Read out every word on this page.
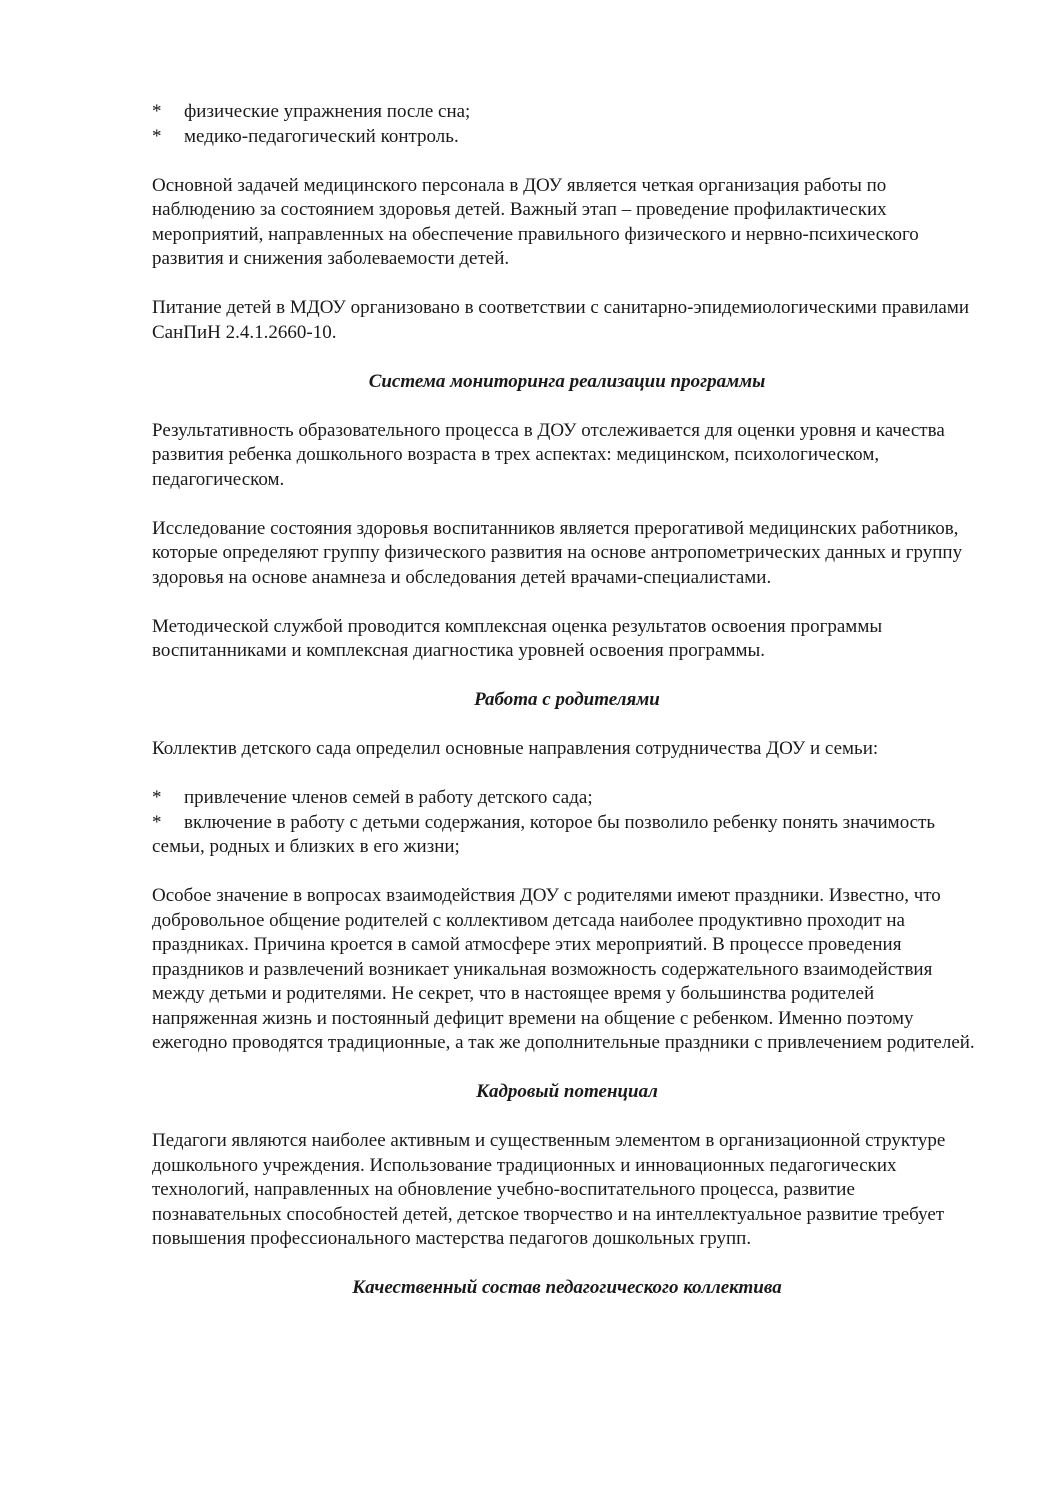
* физические упражнения после сна;
* медико-педагогический контроль.

Основной задачей медицинского персонала в ДОУ является четкая организация работы по наблюдению за состоянием здоровья детей. Важный этап – проведение профилактических мероприятий, направленных на обеспечение правильного физического и нервно-психического развития и снижения заболеваемости детей.

Питание детей в МДОУ организовано в соответствии с санитарно-эпидемиологическими правилами СанПиН 2.4.1.2660-10.

Система мониторинга реализации программы

Результативность образовательного процесса в ДОУ отслеживается для оценки уровня и качества развития ребенка дошкольного возраста в трех аспектах: медицинском, психологическом, педагогическом.

Исследование состояния здоровья воспитанников является прерогативой медицинских работников, которые определяют группу физического развития на основе антропометрических данных и группу здоровья на основе анамнеза и обследования детей врачами-специалистами.

Методической службой проводится комплексная оценка результатов освоения программы воспитанниками и комплексная диагностика уровней освоения программы.

Работа с родителями

Коллектив детского сада определил основные направления сотрудничества ДОУ и семьи:

* привлечение членов семей в работу детского сада;
* включение в работу с детьми содержания, которое бы позволило ребенку понять значимость семьи, родных и близких в его жизни;

Особое значение в вопросах взаимодействия ДОУ с родителями имеют праздники. Известно, что добровольное общение родителей с коллективом детсада наиболее продуктивно проходит на праздниках. Причина кроется в самой атмосфере этих мероприятий. В процессе проведения праздников и развлечений возникает уникальная возможность содержательного взаимодействия между детьми и родителями. Не секрет, что в настоящее время у большинства родителей напряженная жизнь и постоянный дефицит времени на общение с ребенком. Именно поэтому ежегодно проводятся традиционные, а так же дополнительные праздники с привлечением родителей.

Кадровый потенциал

Педагоги являются наиболее активным и существенным элементом в организационной структуре дошкольного учреждения. Использование традиционных и инновационных педагогических технологий, направленных на обновление учебно-воспитательного процесса, развитие познавательных способностей детей, детское творчество и на интеллектуальное развитие требует повышения профессионального мастерства педагогов дошкольных групп.

Качественный состав педагогического коллектива
